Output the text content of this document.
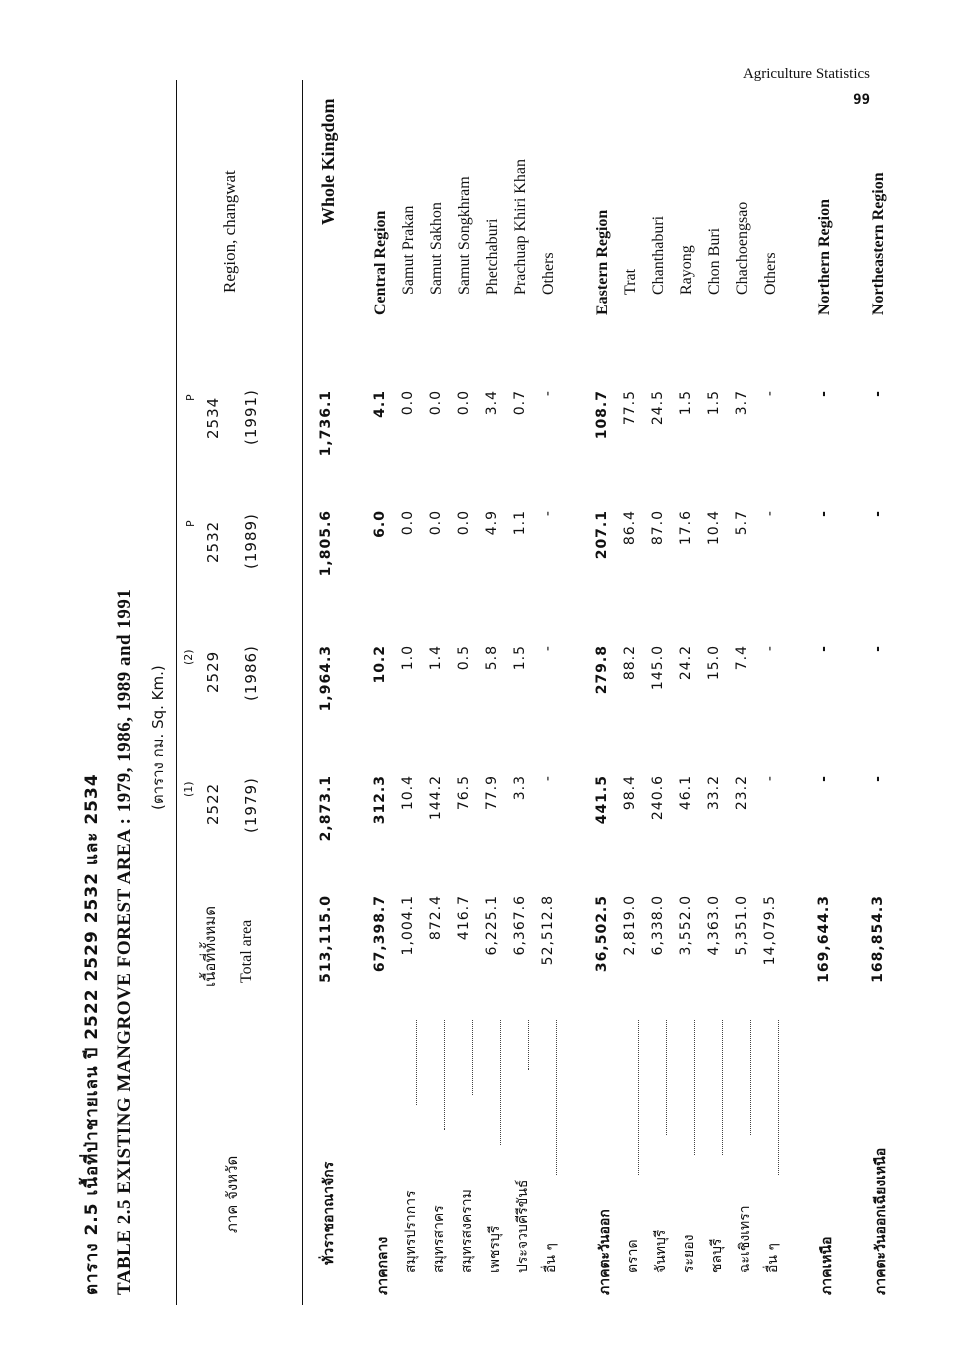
Agriculture Statistics
99
ตาราง 2.5 เนื้อที่ป่าชายเลน ปี 2522 2529 2532 และ 2534 TABLE 2.5 EXISTING MANGROVE FOREST AREA : 1979, 1986, 1989 and 1991 (ตาราง กม. Sq. Km.)
ภาค จังหวัด
เนื้อที่ทั้งหมด Total area
(1) 2522 (1979)
(2) 2529 (1986)
P 2532 (1989)
P 2534 (1991)
Region, changwat
ทั่วราชอาณาจักร
513,115.0
2,873.1
1,964.3
1,805.6
1,736.1
Whole Kingdom
ภาคกลาง
67,398.7
312.3
10.2
6.0
4.1
Central Region
สมุทรปราการ
1,004.1
10.4
1.0
0.0
0.0
Samut Prakan
สมุทรสาคร
872.4
144.2
1.4
0.0
0.0
Samut Sakhon
สมุทรสงคราม
416.7
76.5
0.5
0.0
0.0
Samut Songkhram
เพชรบุรี
6,225.1
77.9
5.8
4.9
3.4
Phetchaburi
ประจวบคีรีขันธ์
6,367.6
3.3
1.5
1.1
0.7
Prachuap Khiri Khan
อื่น ๆ
52,512.8
-
-
-
-
Others
ภาคตะวันออก
36,502.5
441.5
279.8
207.1
108.7
Eastern Region
ตราด
2,819.0
98.4
88.2
86.4
77.5
Trat
จันทบุรี
6,338.0
240.6
145.0
87.0
24.5
Chanthaburi
ระยอง
3,552.0
46.1
24.2
17.6
1.5
Rayong
ชลบุรี
4,363.0
33.2
15.0
10.4
1.5
Chon Buri
ฉะเชิงเทรา
5,351.0
23.2
7.4
5.7
3.7
Chachoengsao
อื่น ๆ
14,079.5
-
-
-
-
Others
ภาคเหนือ
169,644.3
-
-
-
-
Northern Region
ภาคตะวันออกเฉียงเหนือ
168,854.3
-
-
-
-
Northeastern Region
